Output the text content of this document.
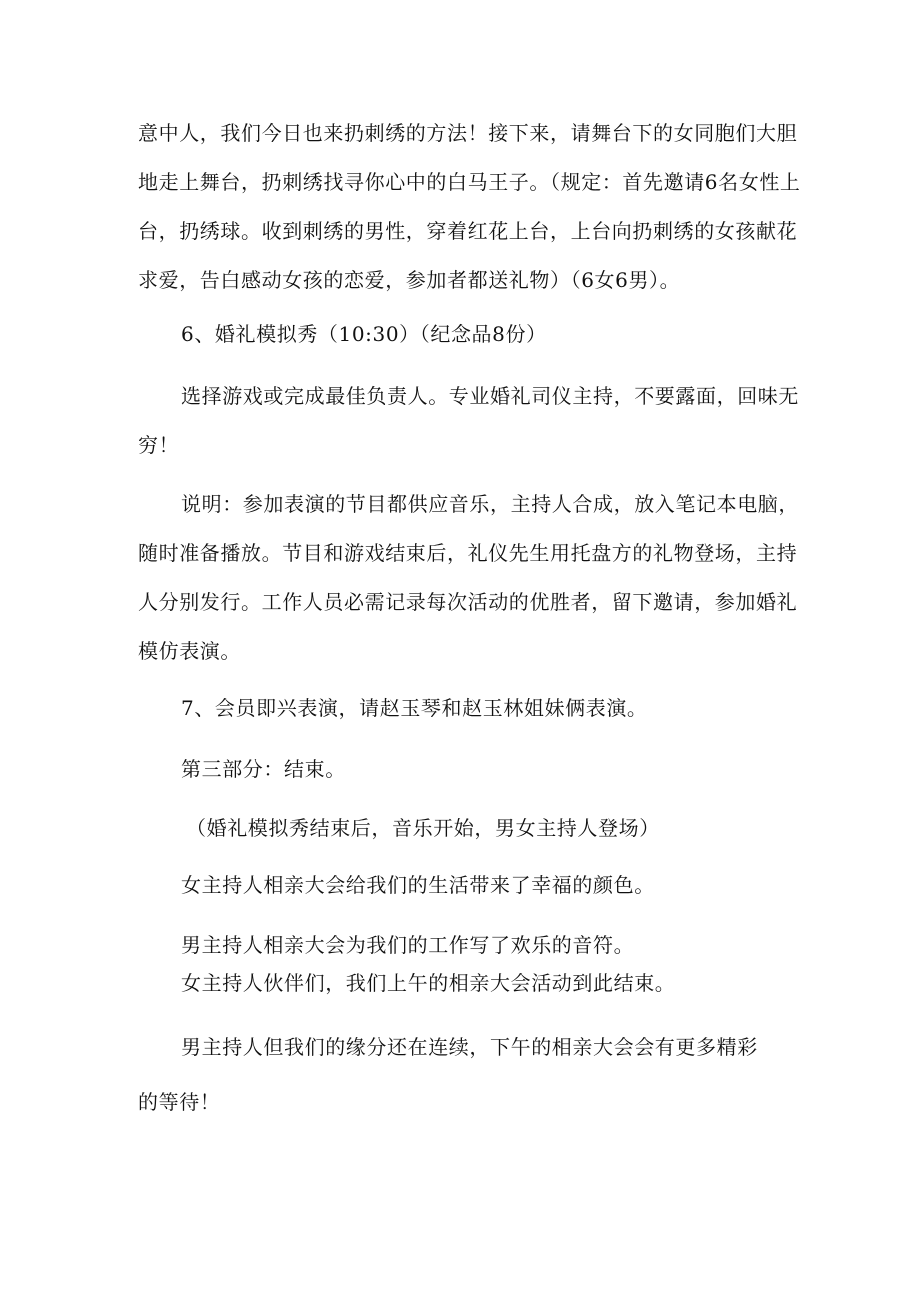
意中人，我们今日也来扔刺绣的方法！接下来，请舞台下的女同胞们大胆
地走上舞台，扔刺绣找寻你心中的白马王子。（规定：首先邀请6名女性上
台，扔绣球。收到刺绣的男性，穿着红花上台，上台向扔刺绣的女孩献花
求爱，告白感动女孩的恋爱，参加者都送礼物）（6女6男）。
6、婚礼模拟秀（10:30）（纪念品8份）
选择游戏或完成最佳负责人。专业婚礼司仪主持，不要露面，回味无
穷！
说明：参加表演的节目都供应音乐，主持人合成，放入笔记本电脑，
随时准备播放。节目和游戏结束后，礼仪先生用托盘方的礼物登场，主持
人分别发行。工作人员必需记录每次活动的优胜者，留下邀请，参加婚礼
模仿表演。
7、会员即兴表演，请赵玉琴和赵玉林姐妹俩表演。
第三部分：结束。
（婚礼模拟秀结束后，音乐开始，男女主持人登场）
女主持人相亲大会给我们的生活带来了幸福的颜色。
男主持人相亲大会为我们的工作写了欢乐的音符。
女主持人伙伴们，我们上午的相亲大会活动到此结束。
男主持人但我们的缘分还在连续，下午的相亲大会会有更多精彩
的等待！
